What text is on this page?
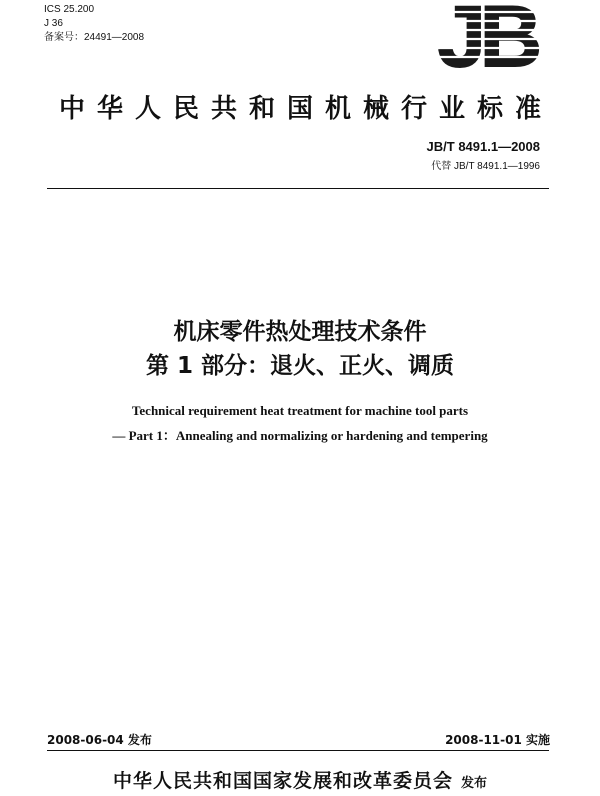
ICS 25.200
J 36
备案号：24491—2008	JB
中华人民共和国机械行业标准
JB/T 8491.1—2008
代替 JB/T 8491.1—1996
机床零件热处理技术条件
第 1 部分：退火、正火、调质
Technical requirement heat treatment for machine tool parts
— Part 1：Annealing and normalizing or hardening and tempering
2008-06-04 发布	2008-11-01 实施
中华人民共和国国家发展和改革委员会 发布
